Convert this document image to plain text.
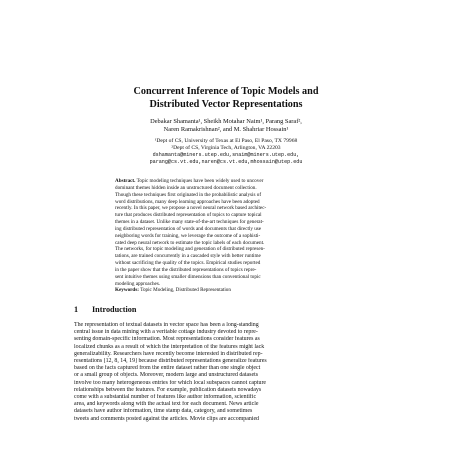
Concurrent Inference of Topic Models and
Distributed Vector Representations
Debakar Shamanta¹, Sheikh Motahar Naim¹, Parang Saraf²,
Naren Ramakrishnan², and M. Shahriar Hossain¹
¹Dept of CS, University of Texas at El Paso, El Paso, TX 79968
²Dept of CS, Virginia Tech, Arlington, VA 22203
dshamanta@miners.utep.edu,snaim@miners.utep.edu,
parang@cs.vt.edu,naren@cs.vt.edu,mhossain@utep.edu
Abstract. Topic modeling techniques have been widely used to uncover
dominant themes hidden inside an unstructured document collection.
Though these techniques first originated in the probabilistic analysis of
word distributions, many deep learning approaches have been adopted
recently. In this paper, we propose a novel neural network based architec-
ture that produces distributed representation of topics to capture topical
themes in a dataset. Unlike many state-of-the-art techniques for generat-
ing distributed representation of words and documents that directly use
neighboring words for training, we leverage the outcome of a sophisti-
cated deep neural network to estimate the topic labels of each document.
The networks, for topic modeling and generation of distributed represen-
tations, are trained concurrently in a cascaded style with better runtime
without sacrificing the quality of the topics. Empirical studies reported
in the paper show that the distributed representations of topics repre-
sent intuitive themes using smaller dimensions than conventional topic
modeling approaches.
Keywords: Topic Modeling, Distributed Representation
1 Introduction
The representation of textual datasets in vector space has been a long-standing
central issue in data mining with a veritable cottage industry devoted to repre-
senting domain-specific information. Most representations consider features as
localized chunks as a result of which the interpretation of the features might lack
generalizability. Researchers have recently become interested in distributed rep-
resentations [12, 8, 14, 19] because distributed representations generalize features
based on the facts captured from the entire dataset rather than one single object
or a small group of objects. Moreover, modern large and unstructured datasets
involve too many heterogeneous entries for which local subspaces cannot capture
relationships between the features. For example, publication datasets nowadays
come with a substantial number of features like author information, scientific
area, and keywords along with the actual text for each document. News article
datasets have author information, time stamp data, category, and sometimes
tweets and comments posted against the articles. Movie clips are accompanied
